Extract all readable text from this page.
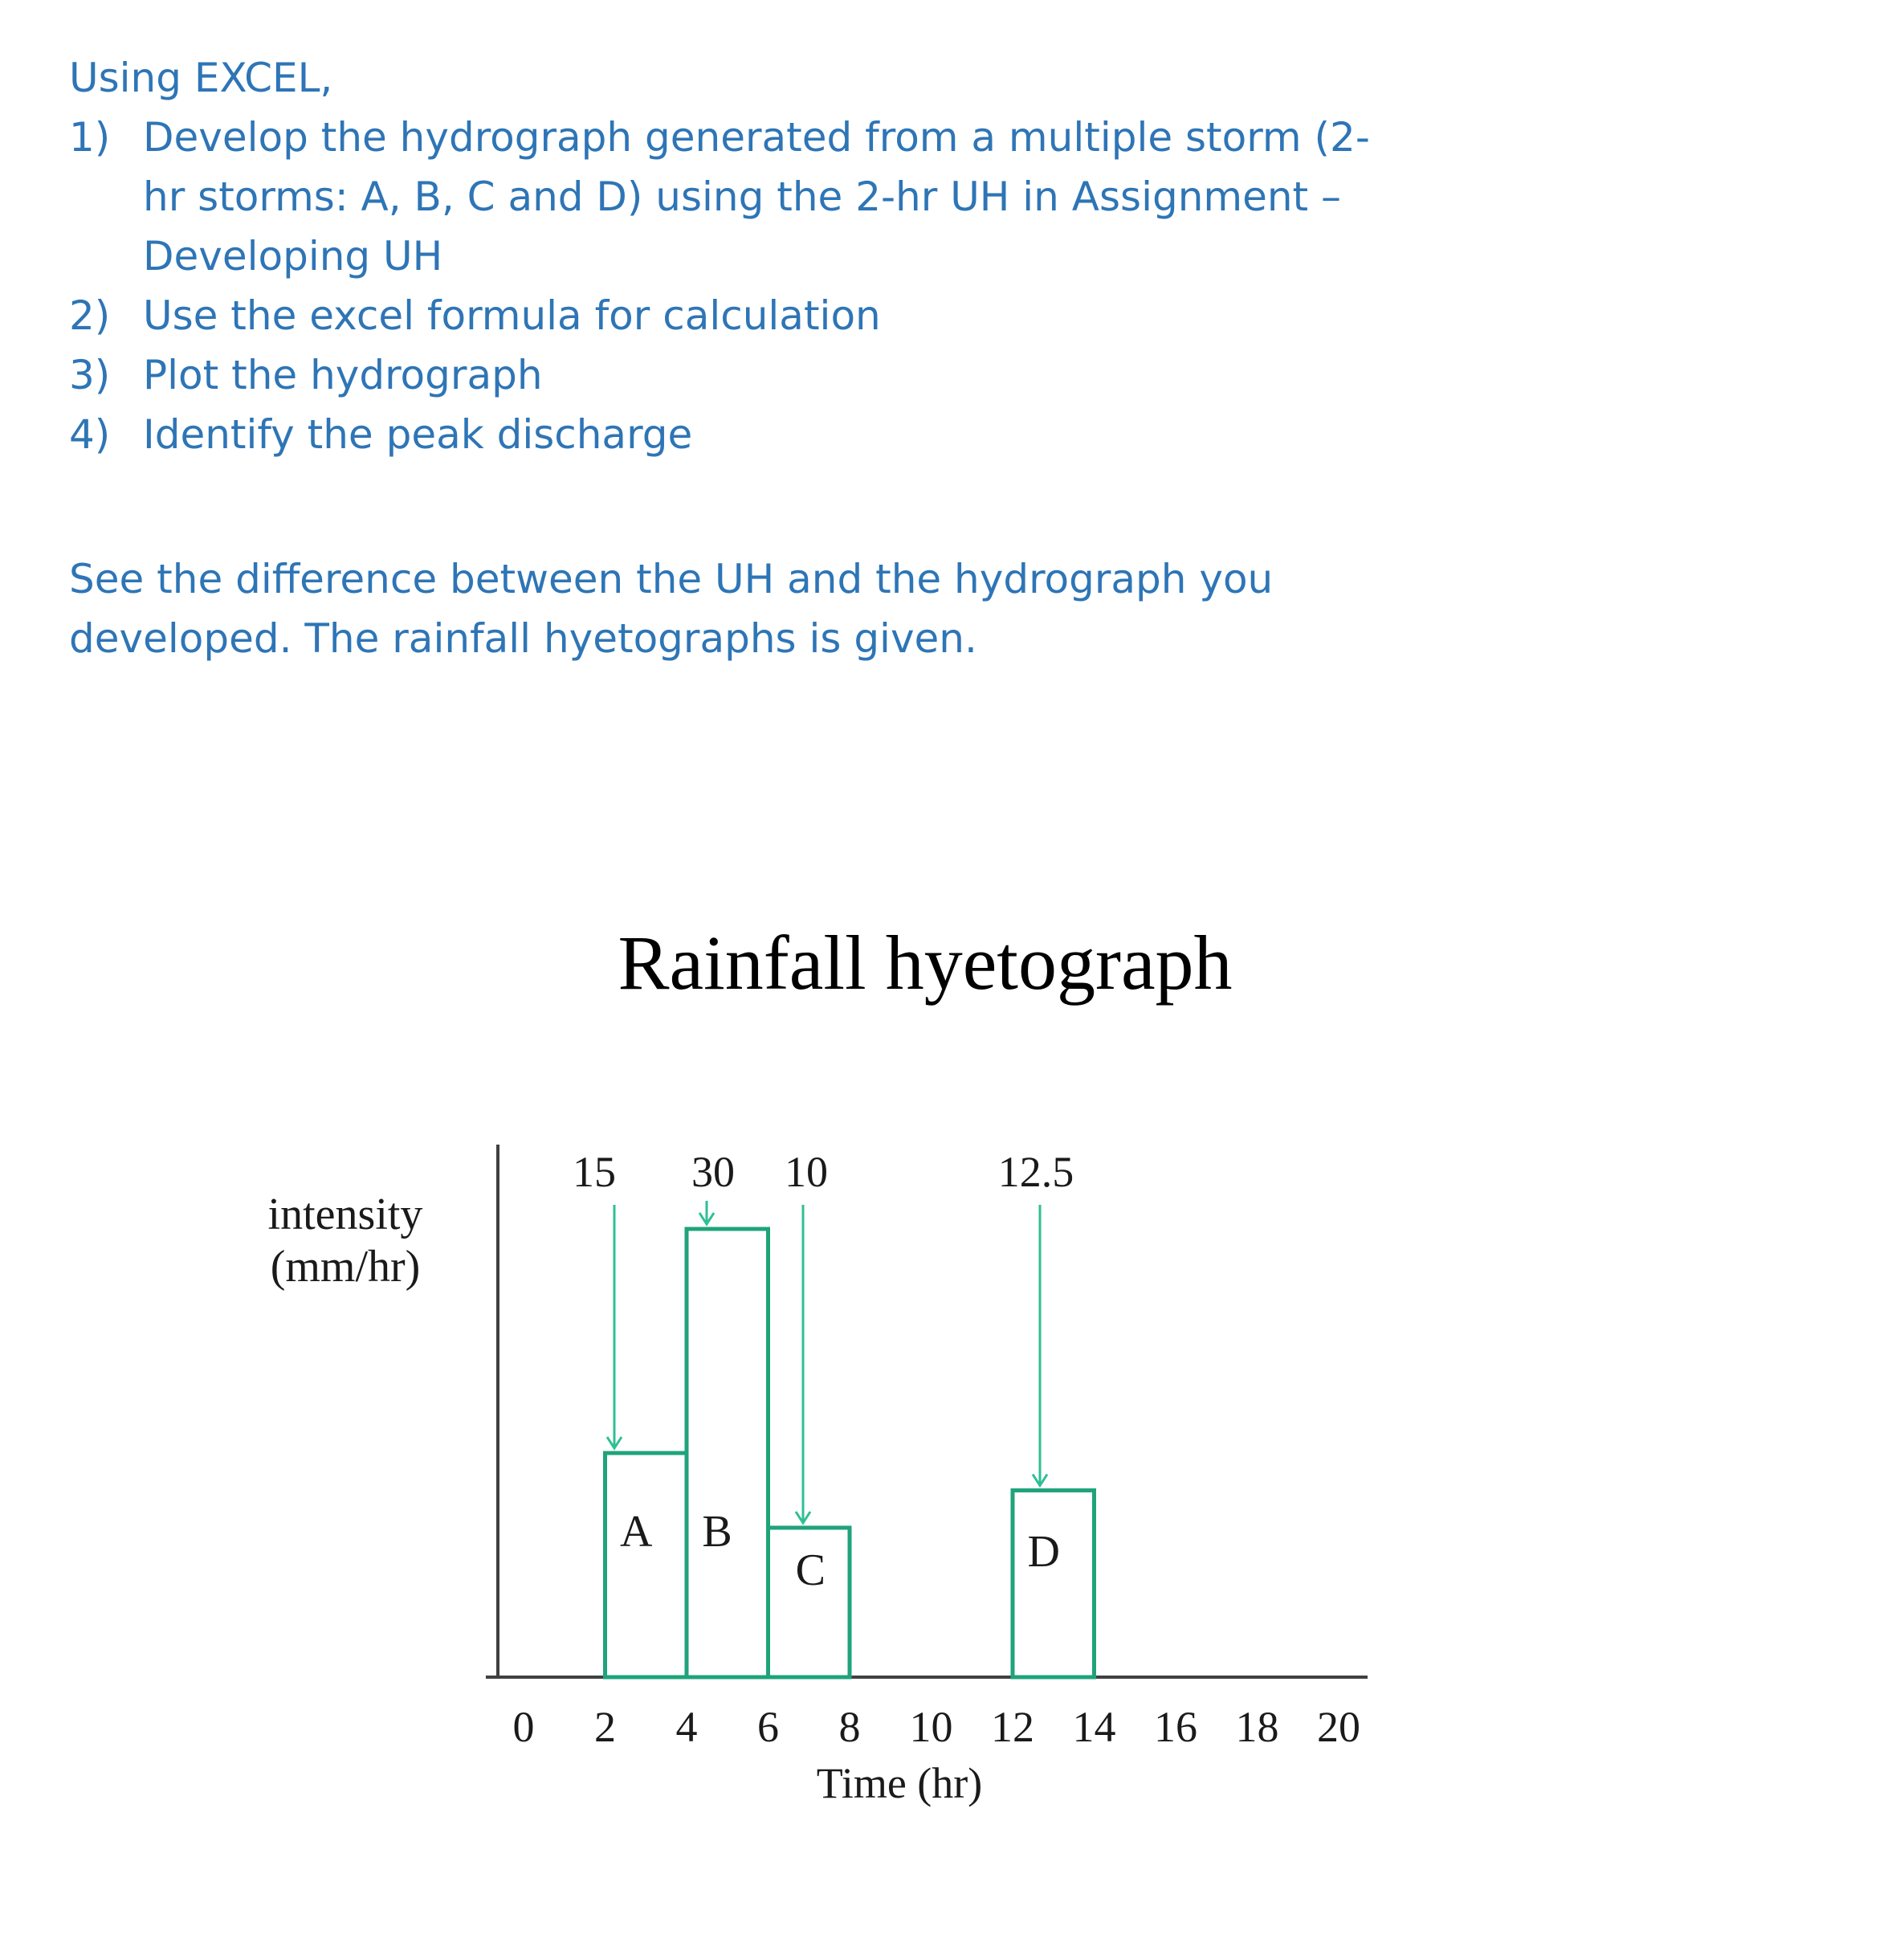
Using EXCEL,

1) Develop the hydrograph generated from a multiple storm (2-hr storms: A, B, C and D) using the 2-hr UH in Assignment – Developing UH
2) Use the excel formula for calculation
3) Plot the hydrograph
4) Identify the peak discharge

See the difference between the UH and the hydrograph you developed. The rainfall hyetographs is given.

Rainfall hyetograph
intensity
(mm/hr)
Time (hr)
0 2 4 6 8 10 12 14 16 18 20
A
15
B
30
C
10
D
12.5
